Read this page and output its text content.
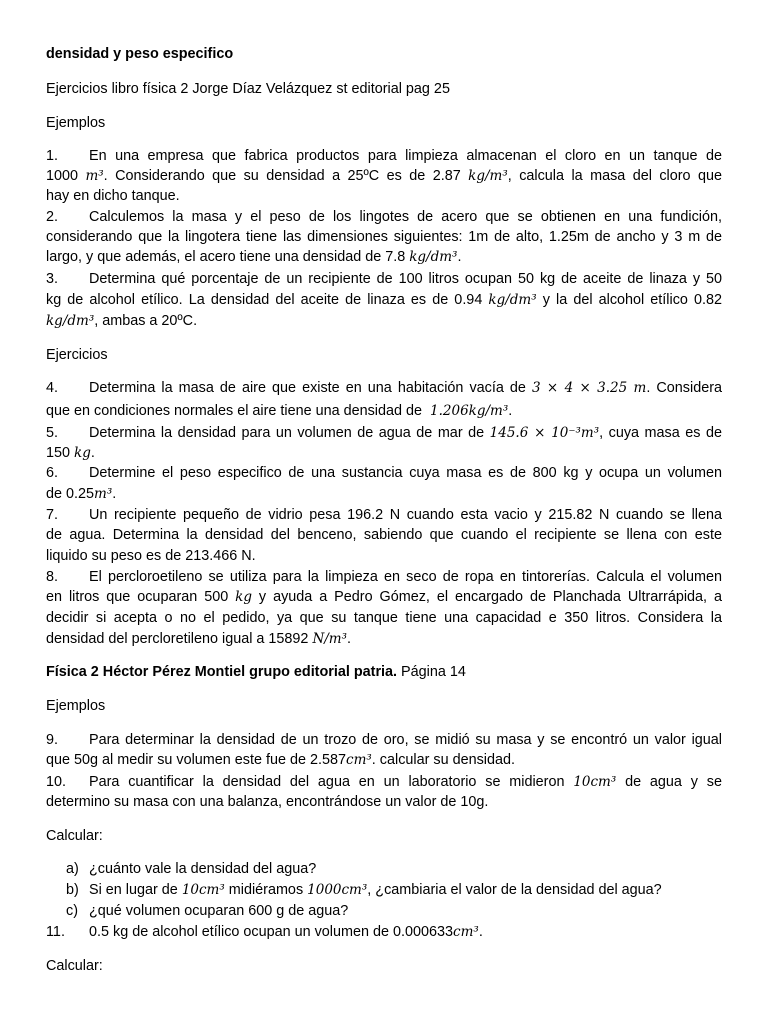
densidad y peso especifico
Ejercicios libro física 2 Jorge Díaz Velázquez st editorial pag 25
Ejemplos
1. En una empresa que fabrica productos para limpieza almacenan el cloro en un tanque de
1000 m³. Considerando que su densidad a 25ºC es de 2.87 kg/m³, calcula la masa del cloro que
hay en dicho tanque.
2. Calculemos la masa y el peso de los lingotes de acero que se obtienen en una fundición,
considerando que la lingotera tiene las dimensiones siguientes: 1m de alto, 1.25m de ancho y 3 m de
largo, y que además, el acero tiene una densidad de 7.8 kg/dm³.
3. Determina qué porcentaje de un recipiente de 100 litros ocupan 50 kg de aceite de linaza y 50
kg de alcohol etílico. La densidad del aceite de linaza es de 0.94 kg/dm³ y la del alcohol etílico 0.82
kg/dm³, ambas a 20ºC.
Ejercicios
4. Determina la masa de aire que existe en una habitación vacía de 3 × 4 × 3.25 m. Considera
que en condiciones normales el aire tiene una densidad de  1.206kg/m³.
5. Determina la densidad para un volumen de agua de mar de 145.6 × 10⁻³m³, cuya masa es de
150 kg.
6. Determine el peso especifico de una sustancia cuya masa es de 800 kg y ocupa un volumen
de 0.25m³.
7. Un recipiente pequeño de vidrio pesa 196.2 N cuando esta vacio y 215.82 N cuando se llena
de agua. Determina la densidad del benceno, sabiendo que cuando el recipiente se llena con este
liquido su peso es de 213.466 N.
8. El percloroetileno se utiliza para la limpieza en seco de ropa en tintorerías. Calcula el volumen
en litros que ocuparan 500 kg y ayuda a Pedro Gómez, el encargado de Planchada Ultrarrápida, a
decidir si acepta o no el pedido, ya que su tanque tiene una capacidad e 350 litros. Considera la
densidad del percloretileno igual a 15892 N/m³.
Física 2 Héctor Pérez Montiel grupo editorial patria. Página 14
Ejemplos
9. Para determinar la densidad de un trozo de oro, se midió su masa y se encontró un valor igual
que 50g al medir su volumen este fue de 2.587cm³. calcular su densidad.
10. Para cuantificar la densidad del agua en un laboratorio se midieron 10cm³ de agua y se
determino su masa con una balanza, encontrándose un valor de 10g.
Calcular:
a) ¿cuánto vale la densidad del agua?
b) Si en lugar de 10cm³ midiéramos 1000cm³, ¿cambiaria el valor de la densidad del agua?
c) ¿qué volumen ocuparan 600 g de agua?
11. 0.5 kg de alcohol etílico ocupan un volumen de 0.000633cm³.
Calcular:
